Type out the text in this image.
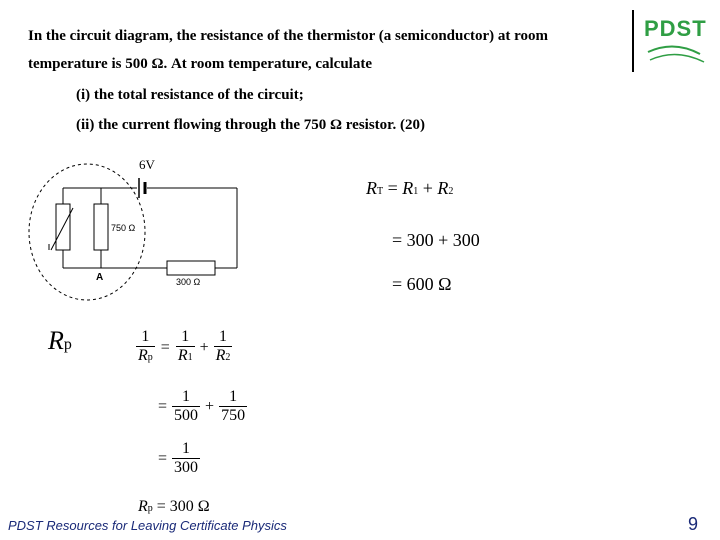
In the circuit diagram, the resistance of the thermistor (a semiconductor) at room
temperature is 500 Ω. At room temperature, calculate
(i) the total resistance of the circuit;
(ii) the current flowing through the 750 Ω resistor. (20)
PDST
6V
750 Ω
300 Ω
A
Rp
RT = R1 + R2
= 300 + 300
= 600 Ω
$\frac{1}{Rp} = \frac{1}{R1} + \frac{1}{R2}$
= $\frac{1}{500} + \frac{1}{750}$
= $\frac{1}{300}$
Rp = 300 Ω
PDST Resources for Leaving Certificate Physics	9
